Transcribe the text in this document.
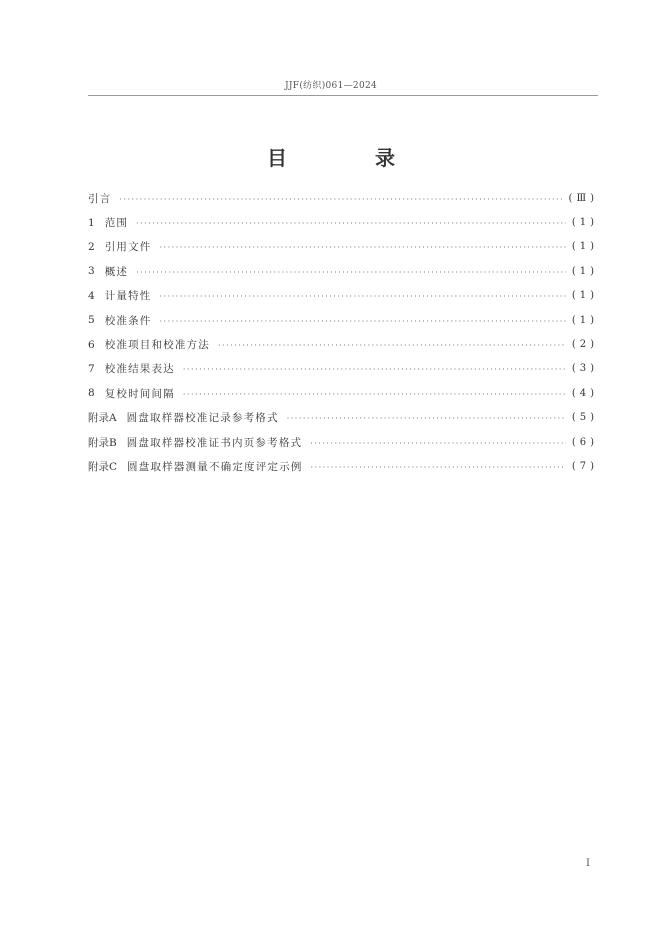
JJF(纺织)061—2024
目　录
引言 ·····	(Ⅲ)
1 范围 ·····	(1)
2 引用文件 ·····	(1)
3 概述 ·····	(1)
4 计量特性 ·····	(1)
5 校准条件 ·····	(1)
6 校准项目和校准方法 ·····	(2)
7 校准结果表达 ·····	(3)
8 复校时间间隔 ·····	(4)
附录A 圆盘取样器校准记录参考格式 ·····	(5)
附录B 圆盘取样器校准证书内页参考格式 ·····	(6)
附录C 圆盘取样器测量不确定度评定示例 ·····	(7)
I
